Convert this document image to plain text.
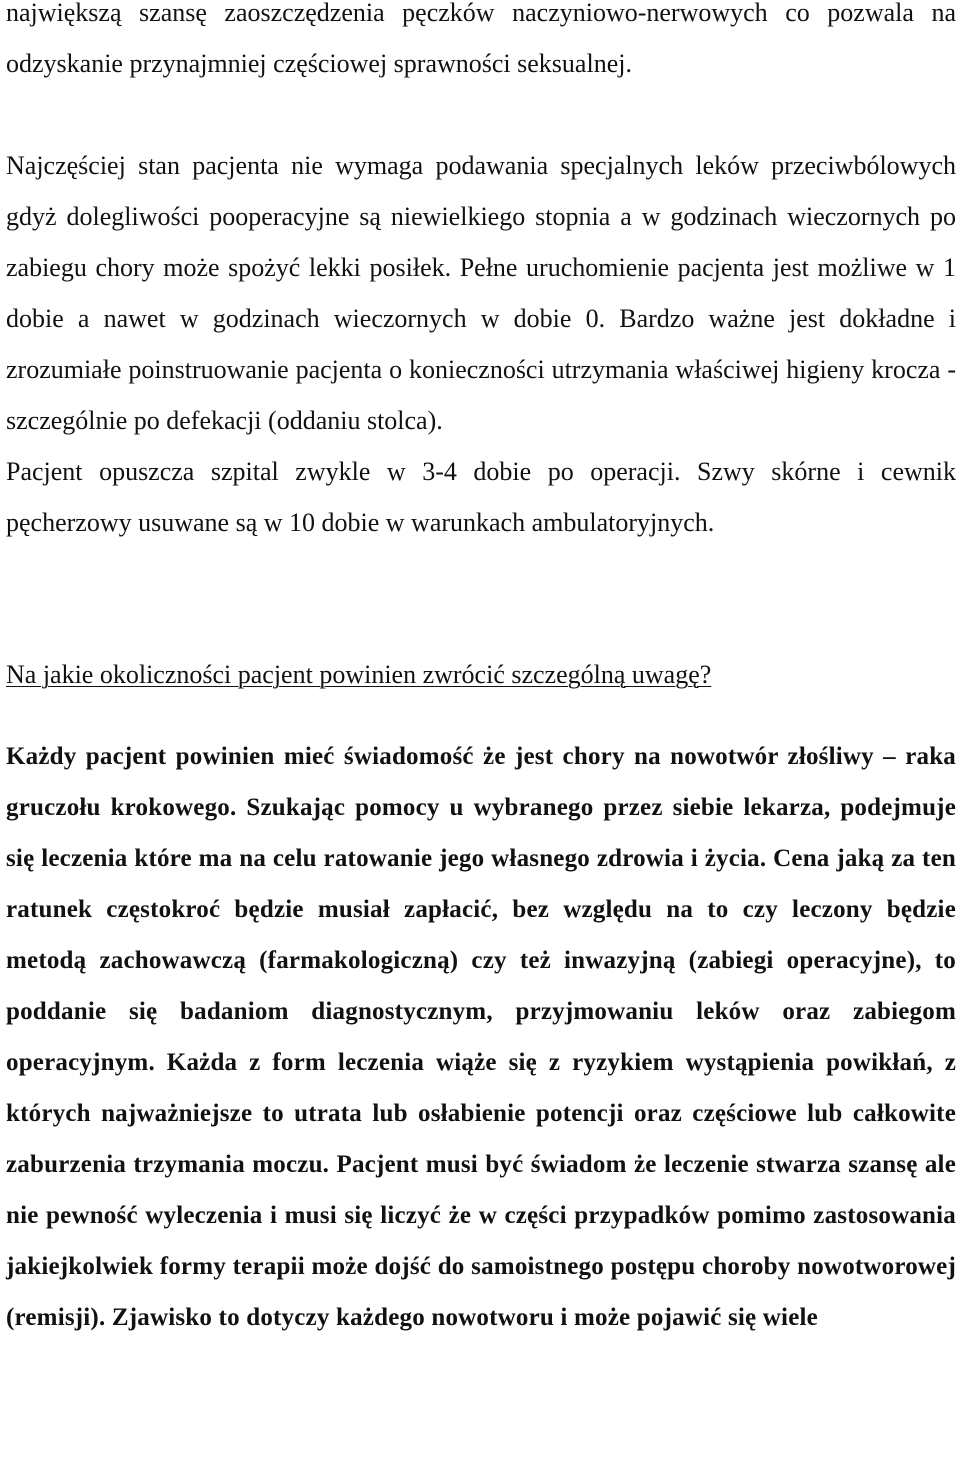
największą szansę zaoszczędzenia pęczków naczyniowo-nerwowych co pozwala na odzyskanie przynajmniej częściowej sprawności seksualnej.

Najczęściej stan pacjenta nie wymaga podawania specjalnych leków przeciwbólowych gdyż dolegliwości pooperacyjne są niewielkiego stopnia a w godzinach wieczornych po zabiegu chory może spożyć lekki posiłek. Pełne uruchomienie pacjenta jest możliwe w 1 dobie a nawet w godzinach wieczornych w dobie 0. Bardzo ważne jest dokładne i zrozumiałe poinstruowanie pacjenta o konieczności utrzymania właściwej higieny krocza - szczególnie po defekacji (oddaniu stolca).

Pacjent opuszcza szpital zwykle w 3-4 dobie po operacji. Szwy skórne i cewnik pęcherzowy usuwane są w 10 dobie w warunkach ambulatoryjnych.

Na jakie okoliczności pacjent powinien zwrócić szczególną uwagę?

Każdy pacjent powinien mieć świadomość że jest chory na nowotwór złośliwy – raka gruczołu krokowego. Szukając pomocy u wybranego przez siebie lekarza, podejmuje się leczenia które ma na celu ratowanie jego własnego zdrowia i życia. Cena jaką za ten ratunek częstokroć będzie musiał zapłacić, bez względu na to czy leczony będzie metodą zachowawczą (farmakologiczną) czy też inwazyjną (zabiegi operacyjne), to poddanie się badaniom diagnostycznym, przyjmowaniu leków oraz zabiegom operacyjnym. Każda z form leczenia wiąże się z ryzykiem wystąpienia powikłań, z których najważniejsze to utrata lub osłabienie potencji oraz częściowe lub całkowite zaburzenia trzymania moczu. Pacjent musi być świadom że leczenie stwarza szansę ale nie pewność wyleczenia i musi się liczyć że w części przypadków pomimo zastosowania jakiejkolwiek formy terapii może dojść do samoistnego postępu choroby nowotworowej (remisji). Zjawisko to dotyczy każdego nowotworu i może pojawić się wiele
